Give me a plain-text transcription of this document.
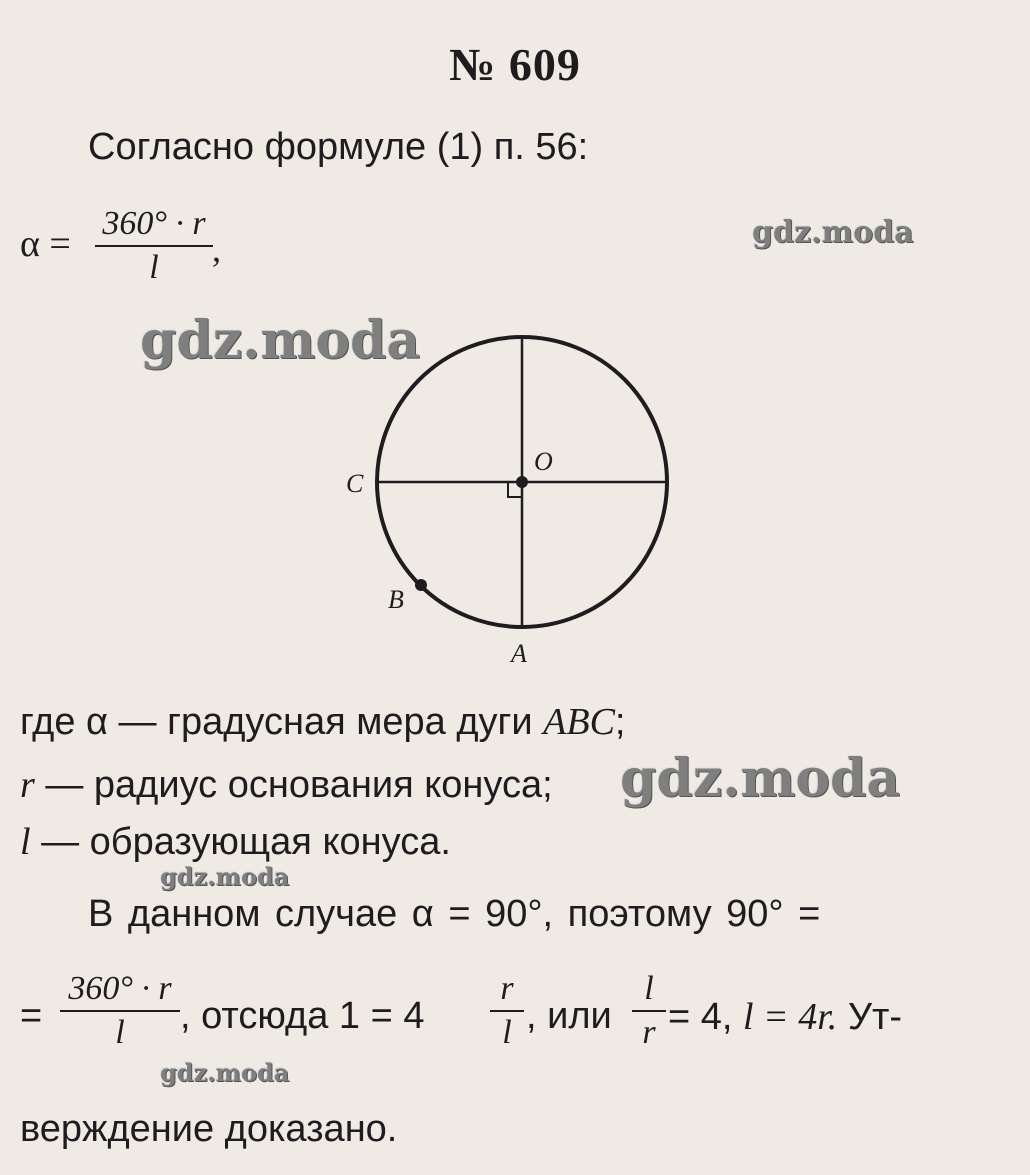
№ 609
Согласно формуле (1) п. 56:
α = 360° · r
l	,
O
C
B
A
где α — градусная мера дуги ABC;
r — радиус основания конуса;
l — образующая конуса.
В данном случае α = 90°, поэтому 90° =
=
360° · r
l	, отсюда 1 = 4
r
l , или
l
r = 4, l = 4r. Ут-
верждение доказано.
gdz.moda
gdz.moda
gdz.moda
gdz.moda
gdz.moda
